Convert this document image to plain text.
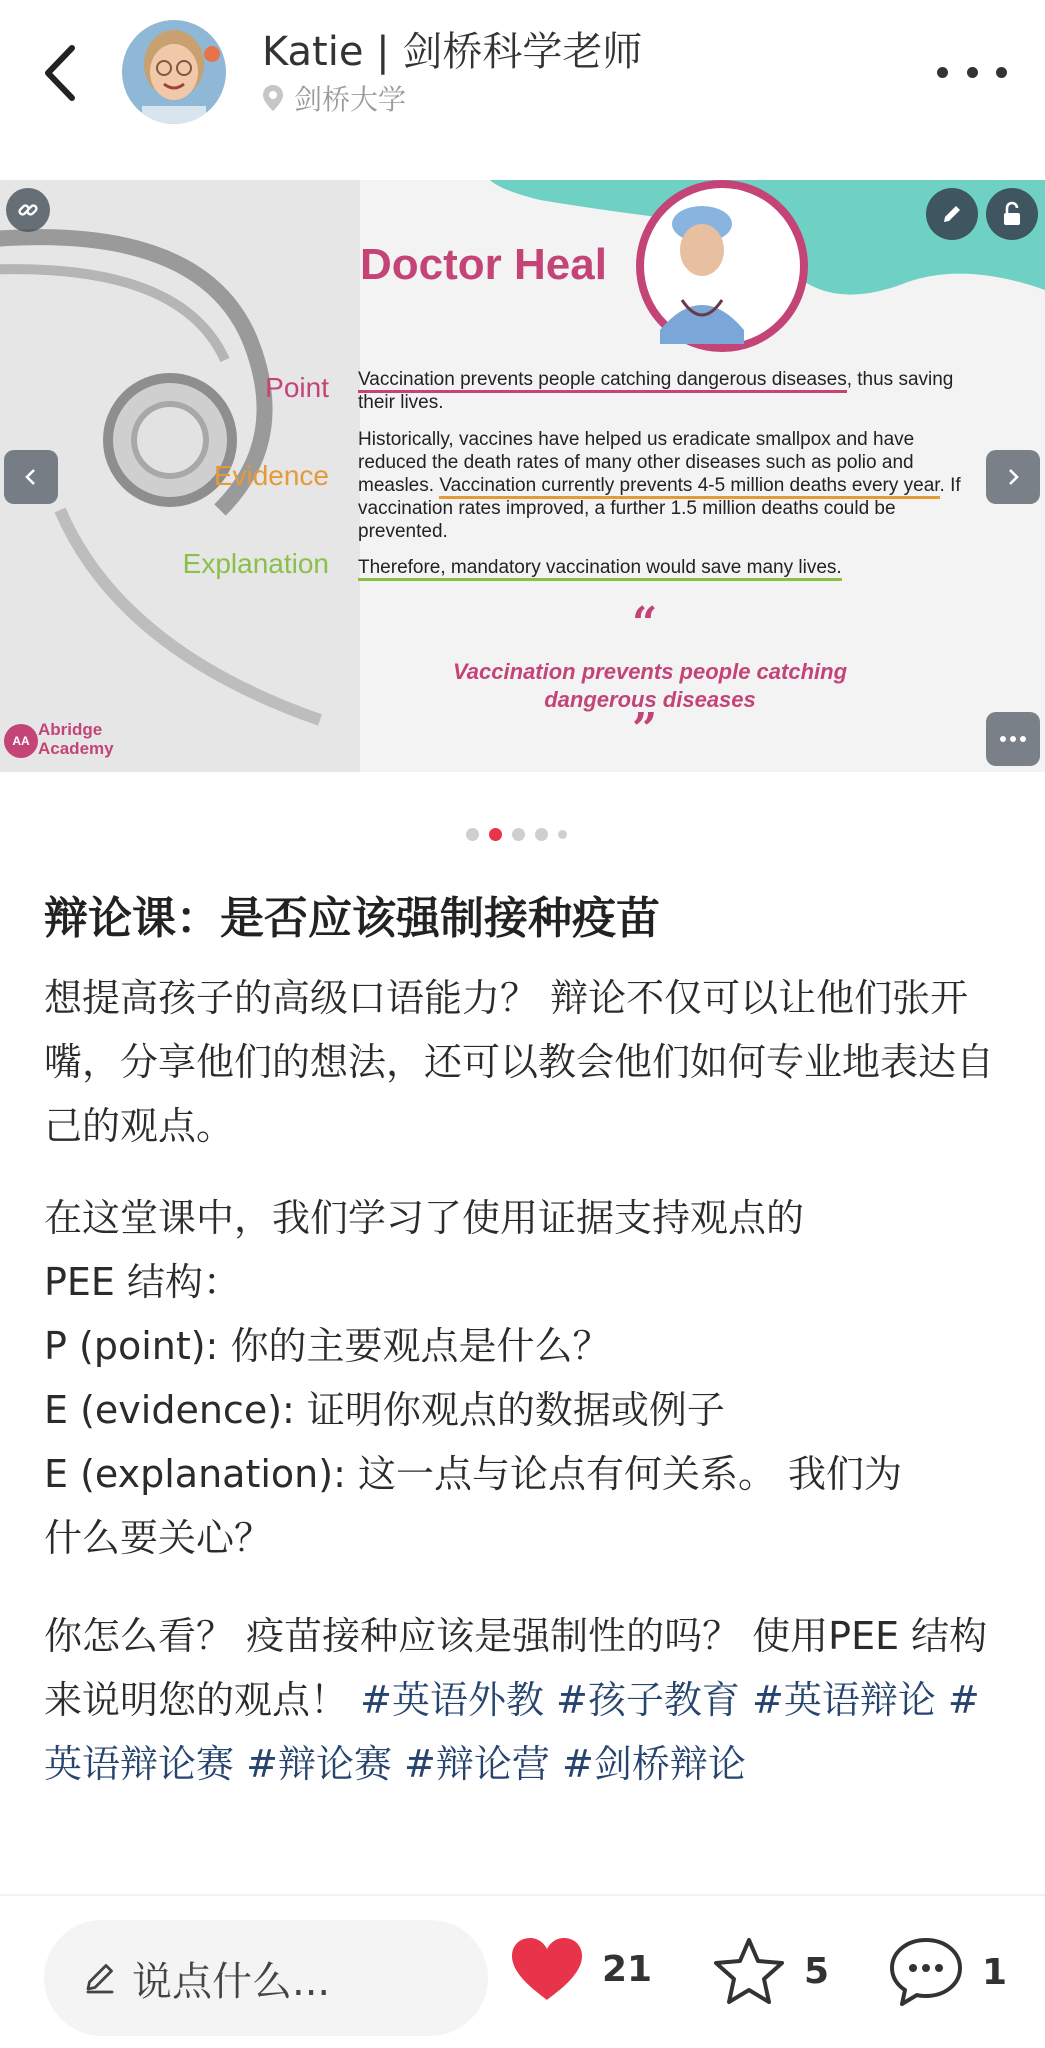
Katie | 剑桥科学老师
剑桥大学
Doctor Heal
Point
Evidence
Explanation
Vaccination prevents people catching dangerous diseases, thus saving their lives.
Historically, vaccines have helped us eradicate smallpox and have reduced the death rates of many other diseases such as polio and measles. Vaccination currently prevents 4-5 million deaths every year. If vaccination rates improved, a further 1.5 million deaths could be prevented.
Therefore, mandatory vaccination would save many lives.
“
Vaccination prevents people catching dangerous diseases
”
AA
Abridge
Academy
辩论课：是否应该强制接种疫苗
想提高孩子的高级口语能力？ 辩论不仅可以让他们张开嘴，分享他们的想法，还可以教会他们如何专业地表达自己的观点。
在这堂课中，我们学习了使用证据支持观点的
PEE 结构：
P (point): 你的主要观点是什么？
E (evidence): 证明你观点的数据或例子
E (explanation): 这一点与论点有何关系。 我们为
什么要关心？
你怎么看？ 疫苗接种应该是强制性的吗？ 使用PEE 结构来说明您的观点！ #英语外教 #孩子教育 #英语辩论 #英语辩论赛 #辩论赛 #辩论营 #剑桥辩论
说点什么...	21	5	1
